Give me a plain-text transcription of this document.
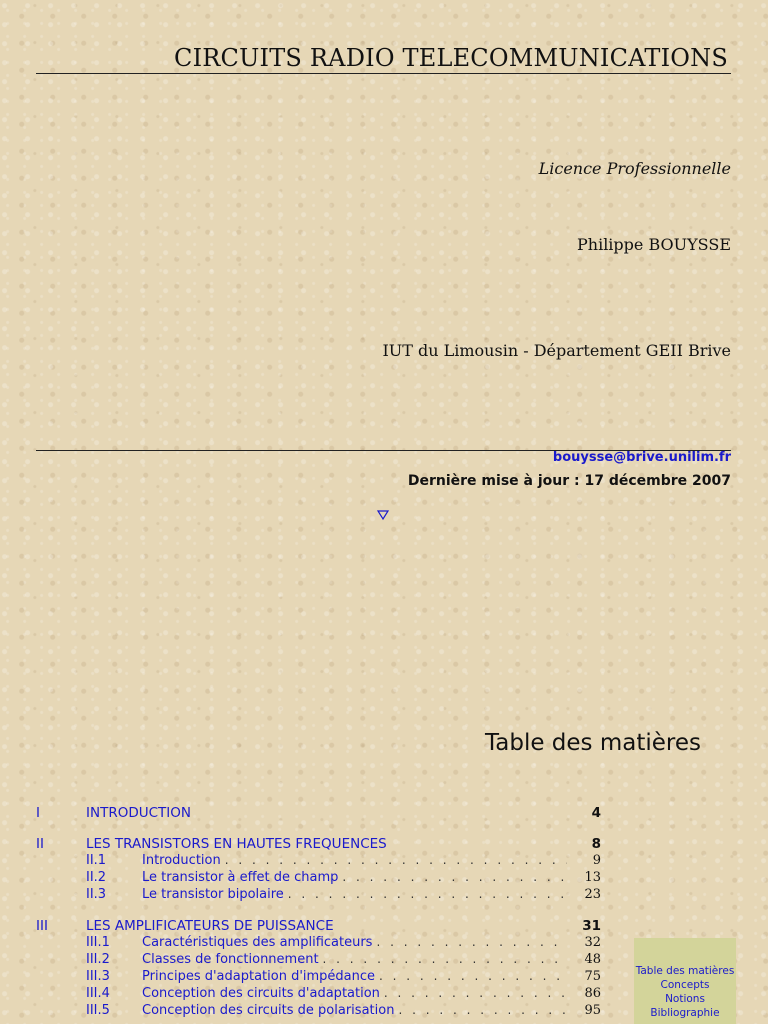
CIRCUITS RADIO TELECOMMUNICATIONS
Licence Professionnelle
Philippe BOUYSSE
IUT du Limousin - Département GEII Brive
bouysse@brive.unilim.fr
Dernière mise à jour : 17 décembre 2007
Table des matières
I	INTRODUCTION	4
II	LES TRANSISTORS EN HAUTES FREQUENCES	8
II.1	Introduction . . .	9
II.2	Le transistor à effet de champ . . .	13
II.3	Le transistor bipolaire . . .	23
III	LES AMPLIFICATEURS DE PUISSANCE	31
III.1	Caractéristiques des amplificateurs . . .	32
III.2	Classes de fonctionnement . . .	48
III.3	Principes d'adaptation d'impédance . . .	75
III.4	Conception des circuits d'adaptation . . .	86
III.5	Conception des circuits de polarisation . . .	95
Table des matières
Concepts
Notions
Bibliographie
